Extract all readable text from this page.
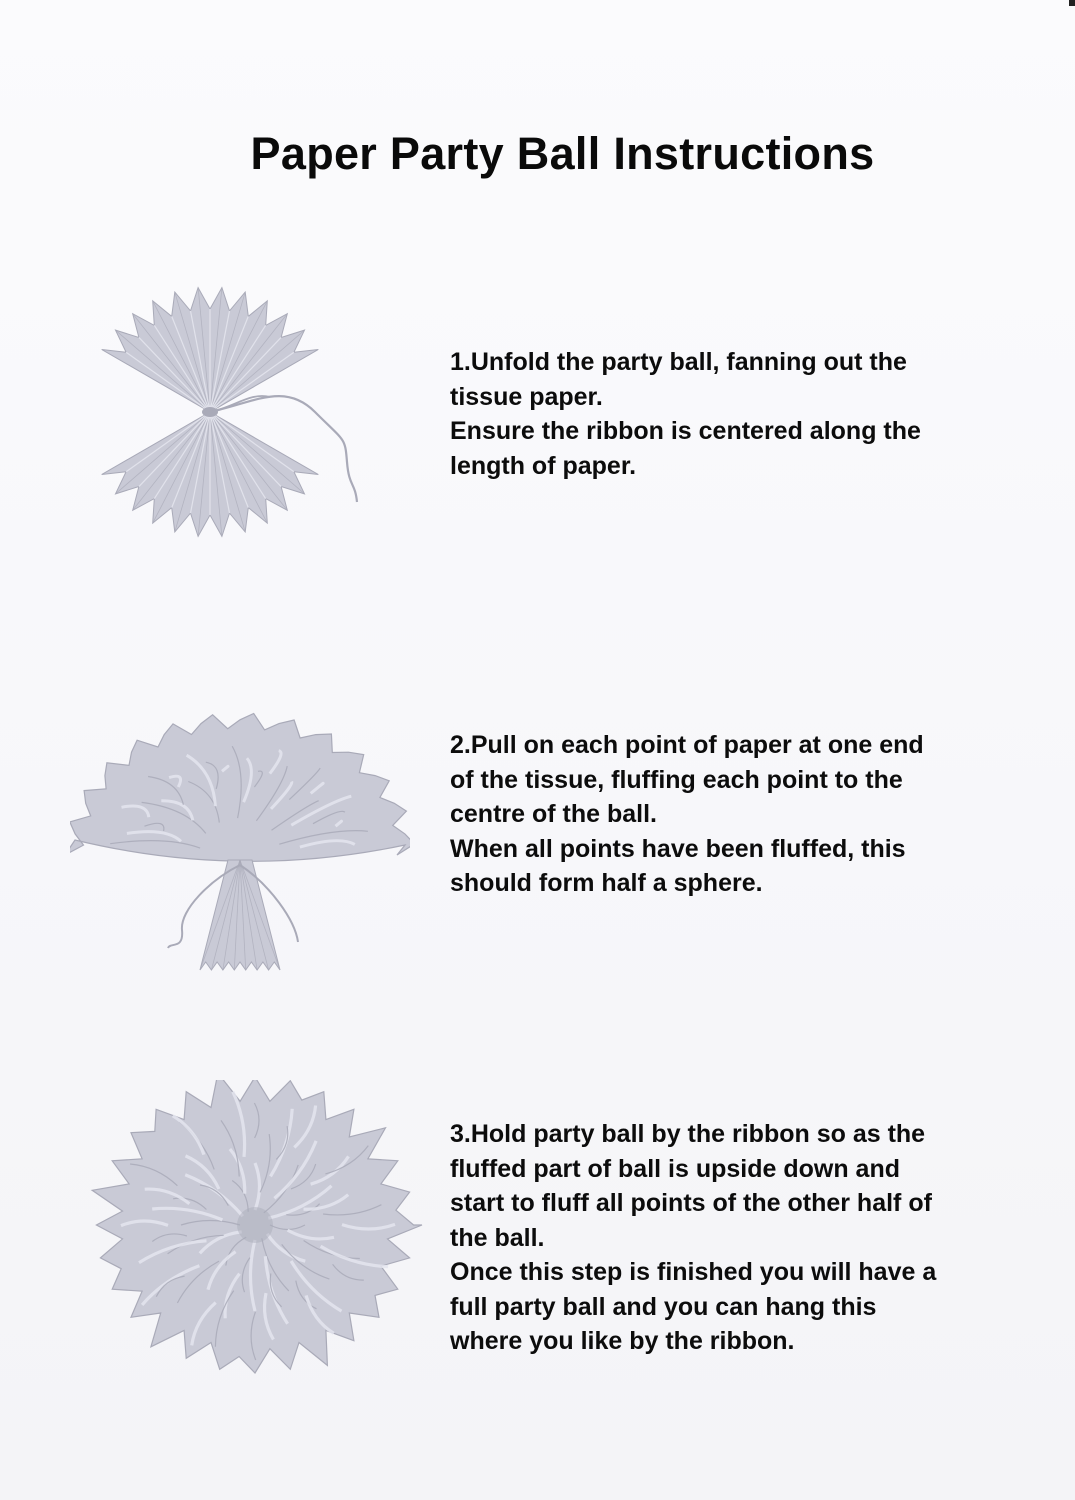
Paper Party Ball Instructions
1.Unfold the party ball, fanning out the
tissue paper.
Ensure the ribbon is centered along the
length of paper.
2.Pull on each point of paper at one end
of the tissue, fluffing each point to the
centre of the ball.
When all points have been fluffed, this
should form half a sphere.
3.Hold party ball by the ribbon so as the
fluffed part of ball is upside down and
start to fluff all points of the other half of
the ball.
Once this step is finished you will have a
full party ball and you can hang this
where you like by the ribbon.
